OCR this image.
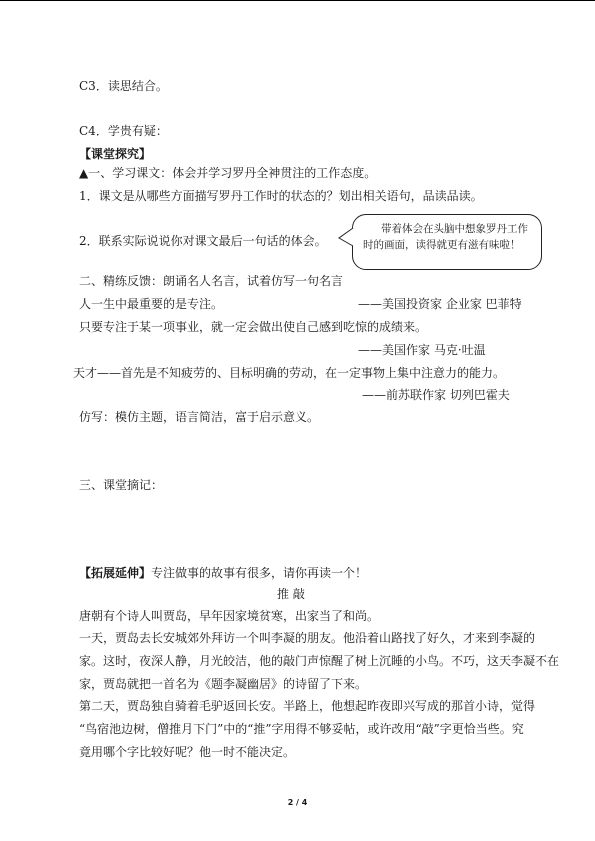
C3．读思结合。
C4．学贵有疑：
【课堂探究】
▲一、学习课文：体会并学习罗丹全神贯注的工作态度。
1．课文是从哪些方面描写罗丹工作时的状态的？划出相关语句，品读品读。
2．联系实际说说你对课文最后一句话的体会。
带着体会在头脑中想象罗丹工作
时的画面，读得就更有滋有味啦！
二、精练反馈：朗诵名人名言，试着仿写一句名言
人一生中最重要的是专注。	——美国投资家 企业家 巴菲特
只要专注于某一项事业，就一定会做出使自己感到吃惊的成绩来。
——美国作家 马克·吐温
天才——首先是不知疲劳的、目标明确的劳动，在一定事物上集中注意力的能力。
——前苏联作家 切列巴霍夫
仿写：模仿主题，语言简洁，富于启示意义。
三、课堂摘记：
【拓展延伸】专注做事的故事有很多，请你再读一个！
推 敲
唐朝有个诗人叫贾岛，早年因家境贫寒，出家当了和尚。
一天，贾岛去长安城郊外拜访一个叫李凝的朋友。他沿着山路找了好久，才来到李凝的
家。这时，夜深人静，月光皎洁，他的敲门声惊醒了树上沉睡的小鸟。不巧，这天李凝不在
家，贾岛就把一首名为《题李凝幽居》的诗留了下来。
第二天，贾岛独自骑着毛驴返回长安。半路上，他想起昨夜即兴写成的那首小诗，觉得
“鸟宿池边树，僧推月下门”中的“推”字用得不够妥帖，或许改用“敲”字更恰当些。究
竟用哪个字比较好呢？他一时不能决定。
2 / 4
